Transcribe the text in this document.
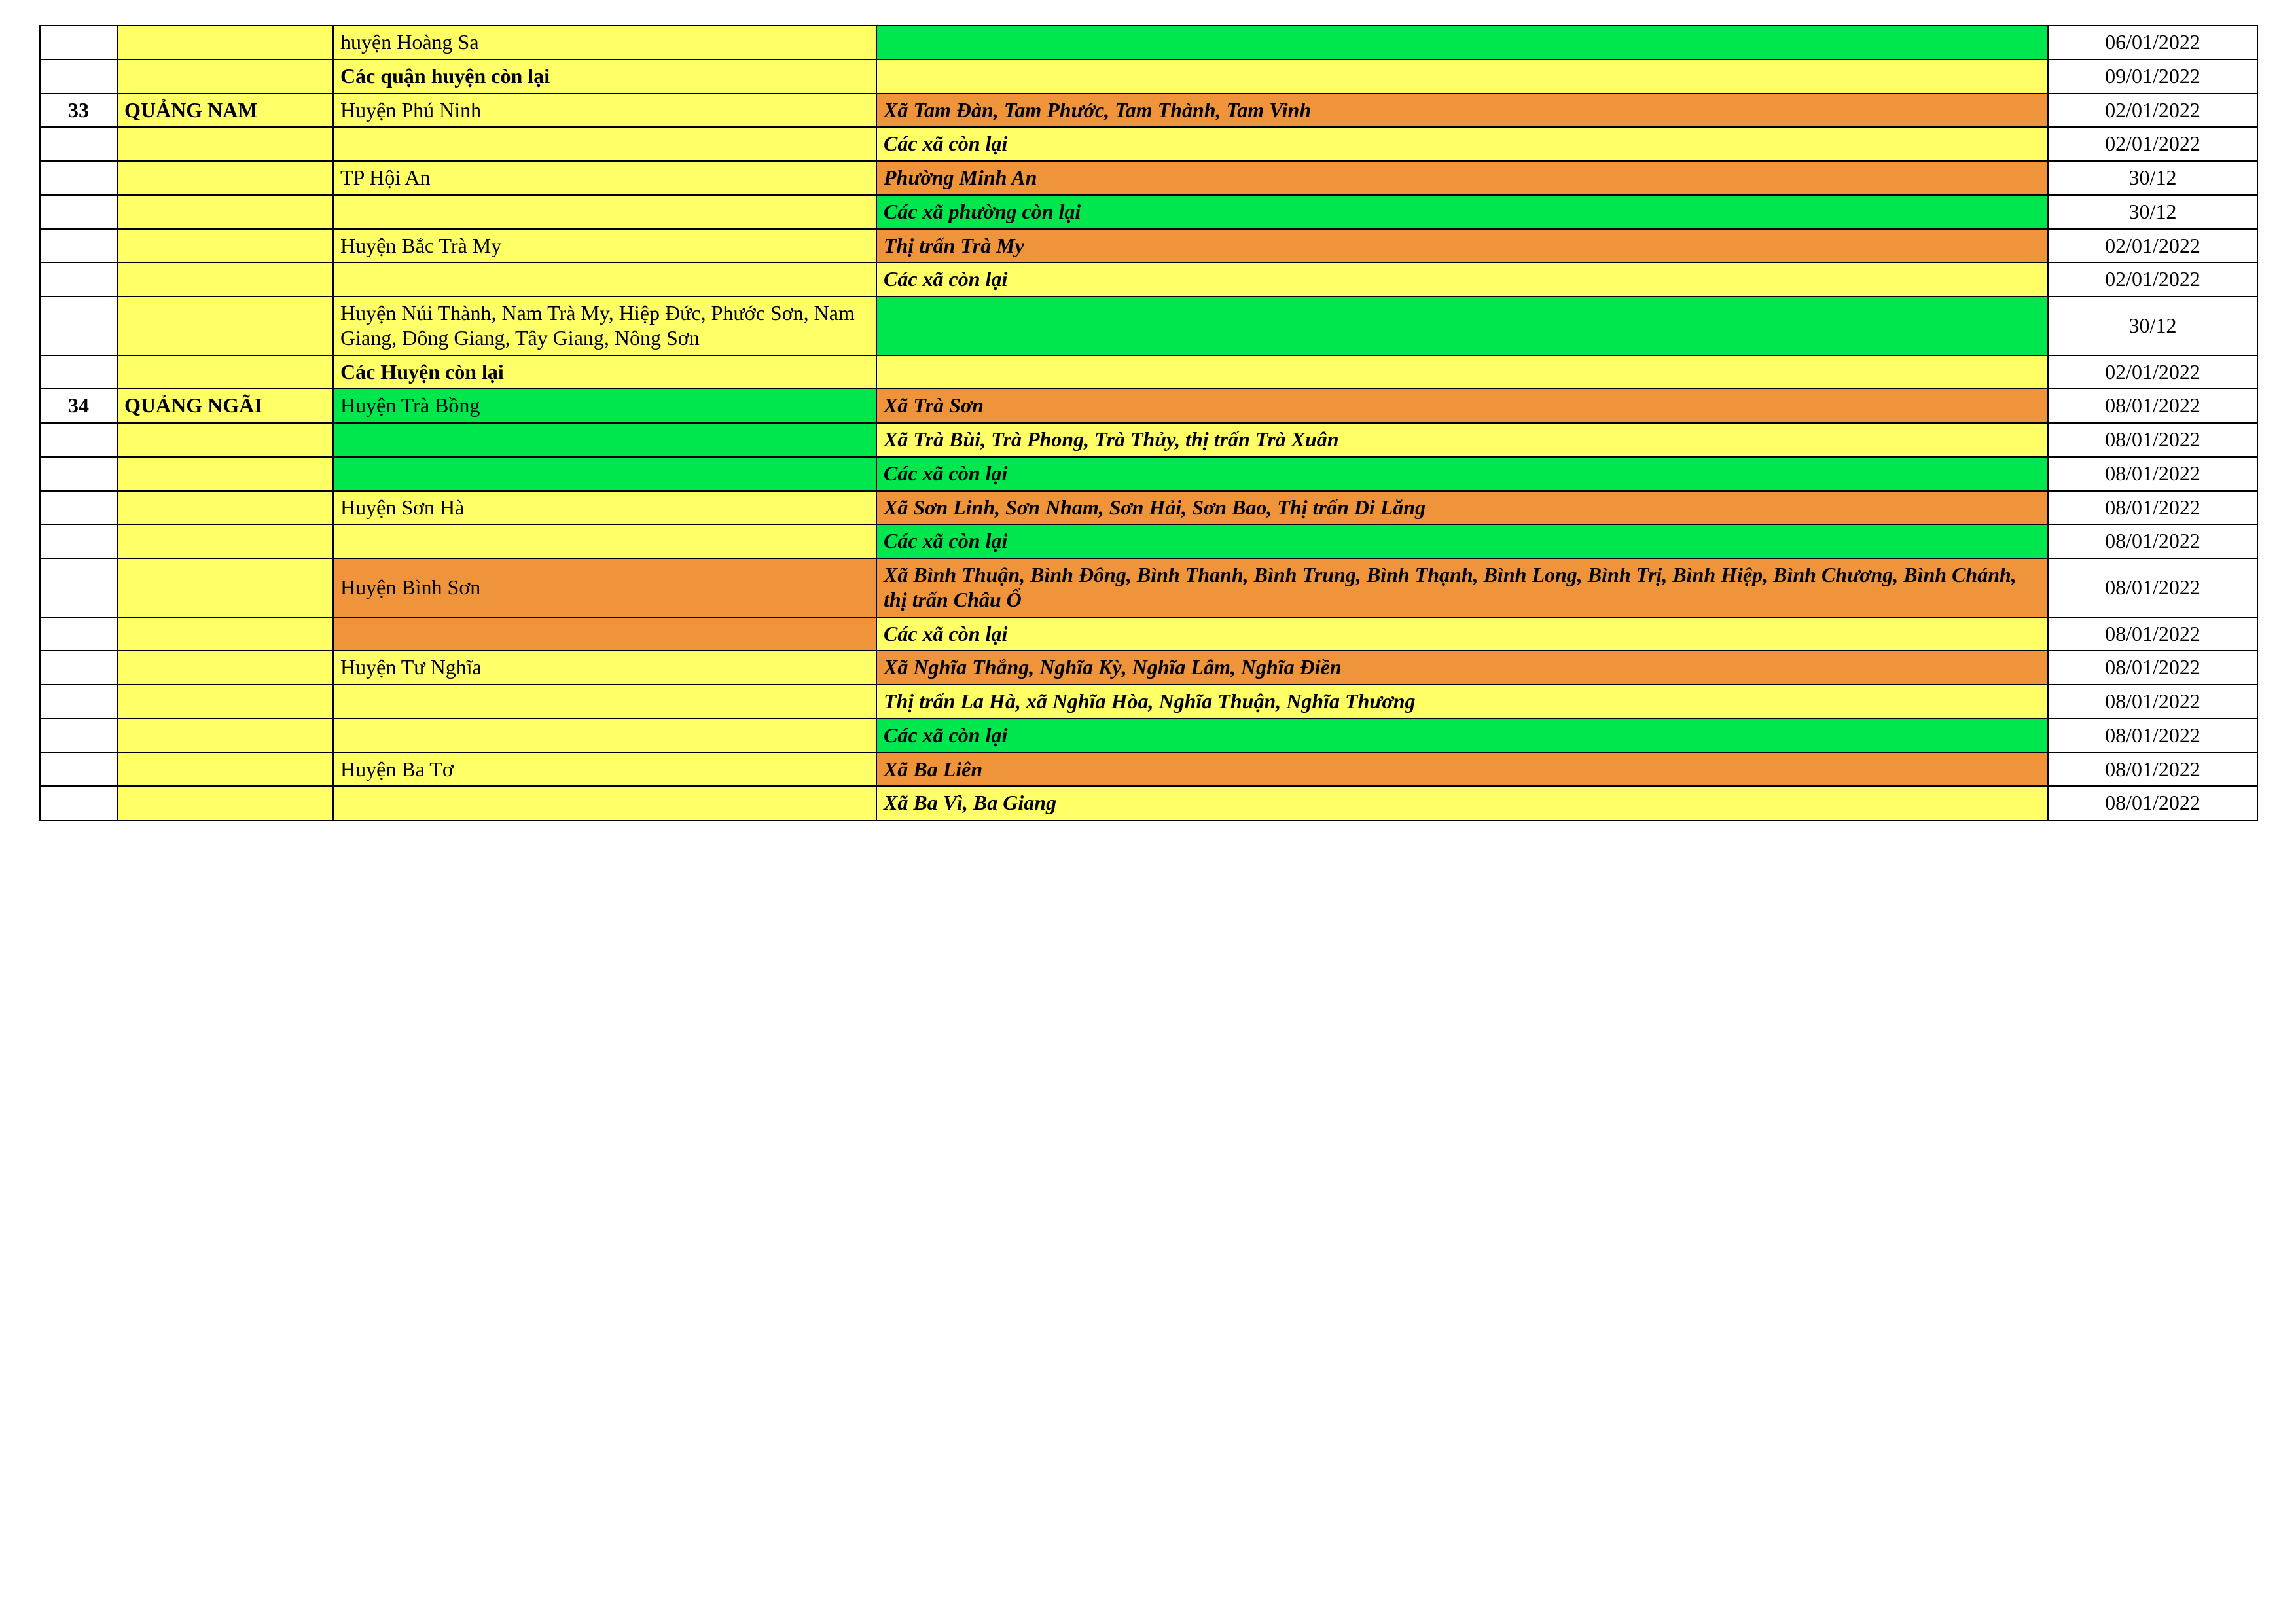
		huyện Hoàng Sa		06/01/2022
		Các quận huyện còn lại		09/01/2022
33	QUẢNG NAM	Huyện Phú Ninh	Xã Tam Đàn, Tam Phước, Tam Thành, Tam Vinh	02/01/2022
			Các xã còn lại	02/01/2022
		TP Hội An	Phường Minh An	30/12
			Các xã phường còn lại	30/12
		Huyện Bắc Trà My	Thị trấn Trà My	02/01/2022
			Các xã còn lại	02/01/2022
		Huyện Núi Thành, Nam Trà My, Hiệp Đức, Phước Sơn, Nam Giang, Đông Giang, Tây Giang, Nông Sơn		30/12
		Các Huyện còn lại		02/01/2022
34	QUẢNG NGÃI	Huyện Trà Bồng	Xã Trà Sơn	08/01/2022
			Xã Trà Bùi, Trà Phong, Trà Thủy, thị trấn Trà Xuân	08/01/2022
			Các xã còn lại	08/01/2022
		Huyện Sơn Hà	Xã Sơn Linh, Sơn Nham, Sơn Hải, Sơn Bao, Thị trấn Di Lăng	08/01/2022
			Các xã còn lại	08/01/2022
		Huyện Bình Sơn	Xã Bình Thuận, Bình Đông, Bình Thanh, Bình Trung, Bình Thạnh, Bình Long, Bình Trị, Bình Hiệp, Bình Chương, Bình Chánh, thị trấn Châu Ổ	08/01/2022
			Các xã còn lại	08/01/2022
		Huyện Tư Nghĩa	Xã Nghĩa Thắng, Nghĩa Kỳ, Nghĩa Lâm, Nghĩa Điền	08/01/2022
			Thị trấn La Hà, xã Nghĩa Hòa, Nghĩa Thuận, Nghĩa Thương	08/01/2022
			Các xã còn lại	08/01/2022
		Huyện Ba Tơ	Xã Ba Liên	08/01/2022
			Xã Ba Vì, Ba Giang	08/01/2022
